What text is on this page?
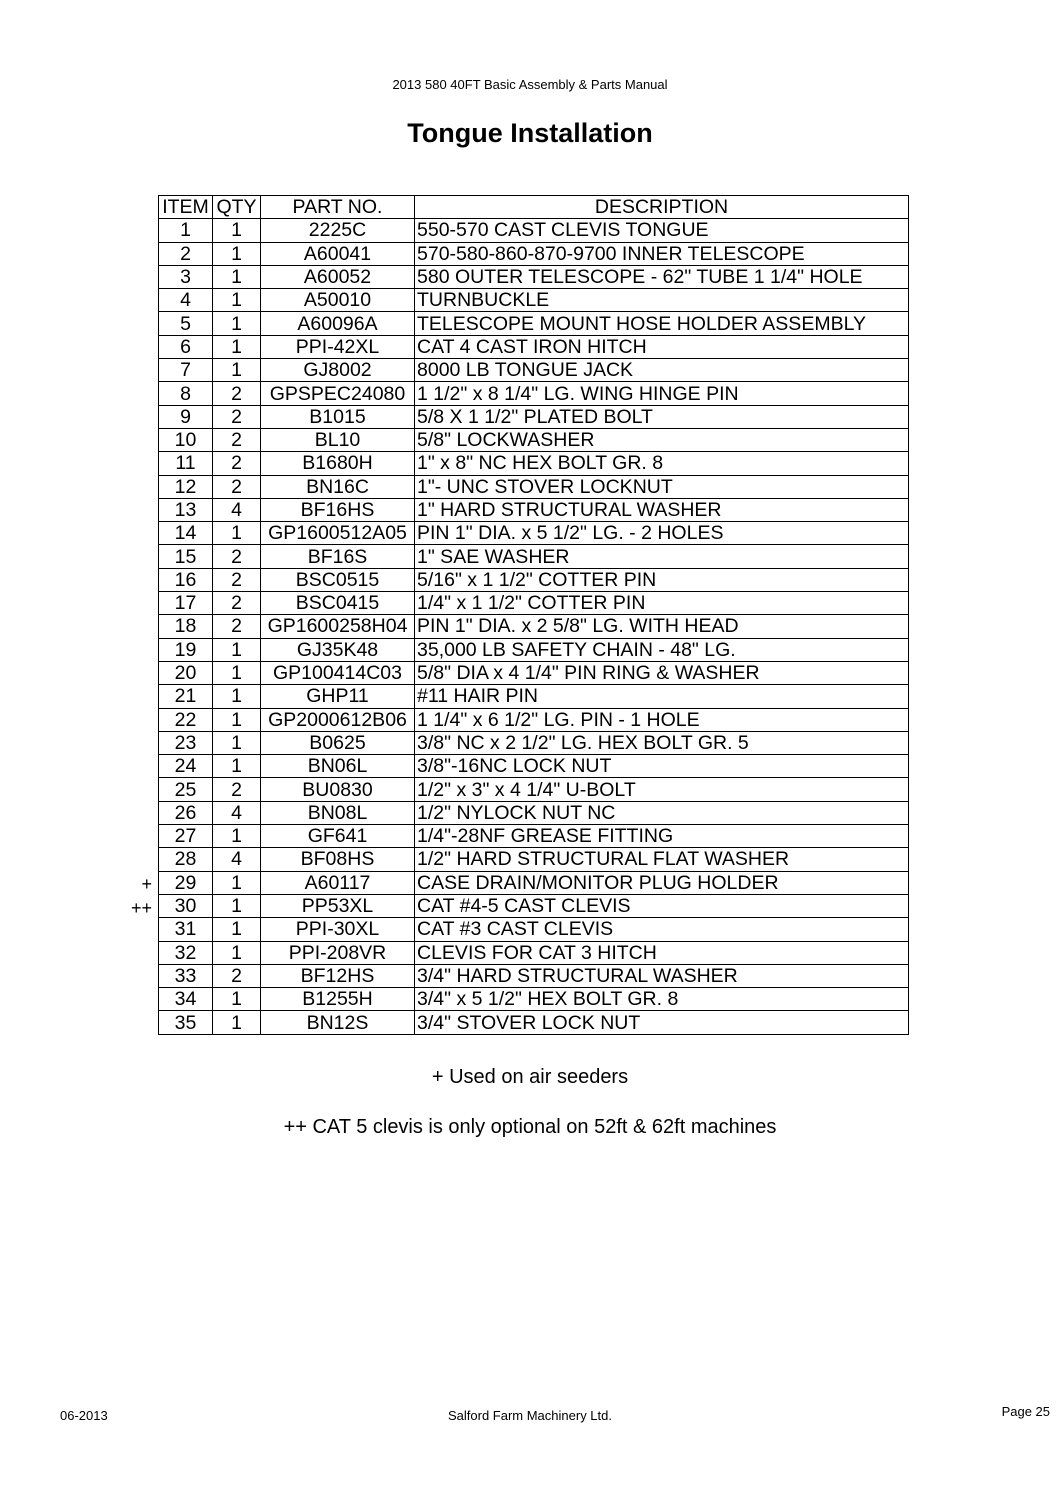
2013 580 40FT Basic Assembly & Parts Manual
Tongue Installation
+
++
ITEM	QTY	PART NO.	DESCRIPTION
1	1	2225C	550-570 CAST CLEVIS TONGUE
2	1	A60041	570-580-860-870-9700 INNER TELESCOPE
3	1	A60052	580 OUTER TELESCOPE - 62" TUBE 1 1/4" HOLE
4	1	A50010	TURNBUCKLE
5	1	A60096A	TELESCOPE MOUNT HOSE HOLDER ASSEMBLY
6	1	PPI-42XL	CAT 4 CAST IRON HITCH
7	1	GJ8002	8000 LB TONGUE JACK
8	2	GPSPEC24080	1 1/2" x 8 1/4" LG. WING HINGE PIN
9	2	B1015	5/8 X 1 1/2" PLATED BOLT
10	2	BL10	5/8" LOCKWASHER
11	2	B1680H	1" x 8" NC HEX BOLT GR. 8
12	2	BN16C	1"- UNC STOVER LOCKNUT
13	4	BF16HS	1" HARD STRUCTURAL WASHER
14	1	GP1600512A05	PIN 1" DIA. x 5 1/2" LG. - 2 HOLES
15	2	BF16S	1" SAE WASHER
16	2	BSC0515	5/16" x 1 1/2" COTTER PIN
17	2	BSC0415	1/4" x 1 1/2" COTTER PIN
18	2	GP1600258H04	PIN 1" DIA. x 2 5/8" LG. WITH HEAD
19	1	GJ35K48	35,000 LB SAFETY CHAIN - 48" LG.
20	1	GP100414C03	5/8" DIA x 4 1/4" PIN RING & WASHER
21	1	GHP11	#11 HAIR PIN
22	1	GP2000612B06	1 1/4" x 6 1/2" LG. PIN - 1 HOLE
23	1	B0625	3/8" NC x 2 1/2" LG. HEX BOLT GR. 5
24	1	BN06L	3/8"-16NC LOCK NUT
25	2	BU0830	1/2" x 3" x 4 1/4" U-BOLT
26	4	BN08L	1/2" NYLOCK NUT NC
27	1	GF641	1/4"-28NF GREASE FITTING
28	4	BF08HS	1/2" HARD STRUCTURAL FLAT WASHER
29	1	A60117	CASE DRAIN/MONITOR PLUG HOLDER
30	1	PP53XL	CAT #4-5 CAST CLEVIS
31	1	PPI-30XL	CAT #3 CAST CLEVIS
32	1	PPI-208VR	CLEVIS FOR CAT 3 HITCH
33	2	BF12HS	3/4" HARD STRUCTURAL WASHER
34	1	B1255H	3/4" x 5 1/2" HEX BOLT GR. 8
35	1	BN12S	3/4" STOVER LOCK NUT
+ Used on air seeders
++ CAT 5 clevis is only optional on 52ft & 62ft machines
06-2013	Salford Farm Machinery Ltd.	Page 25
